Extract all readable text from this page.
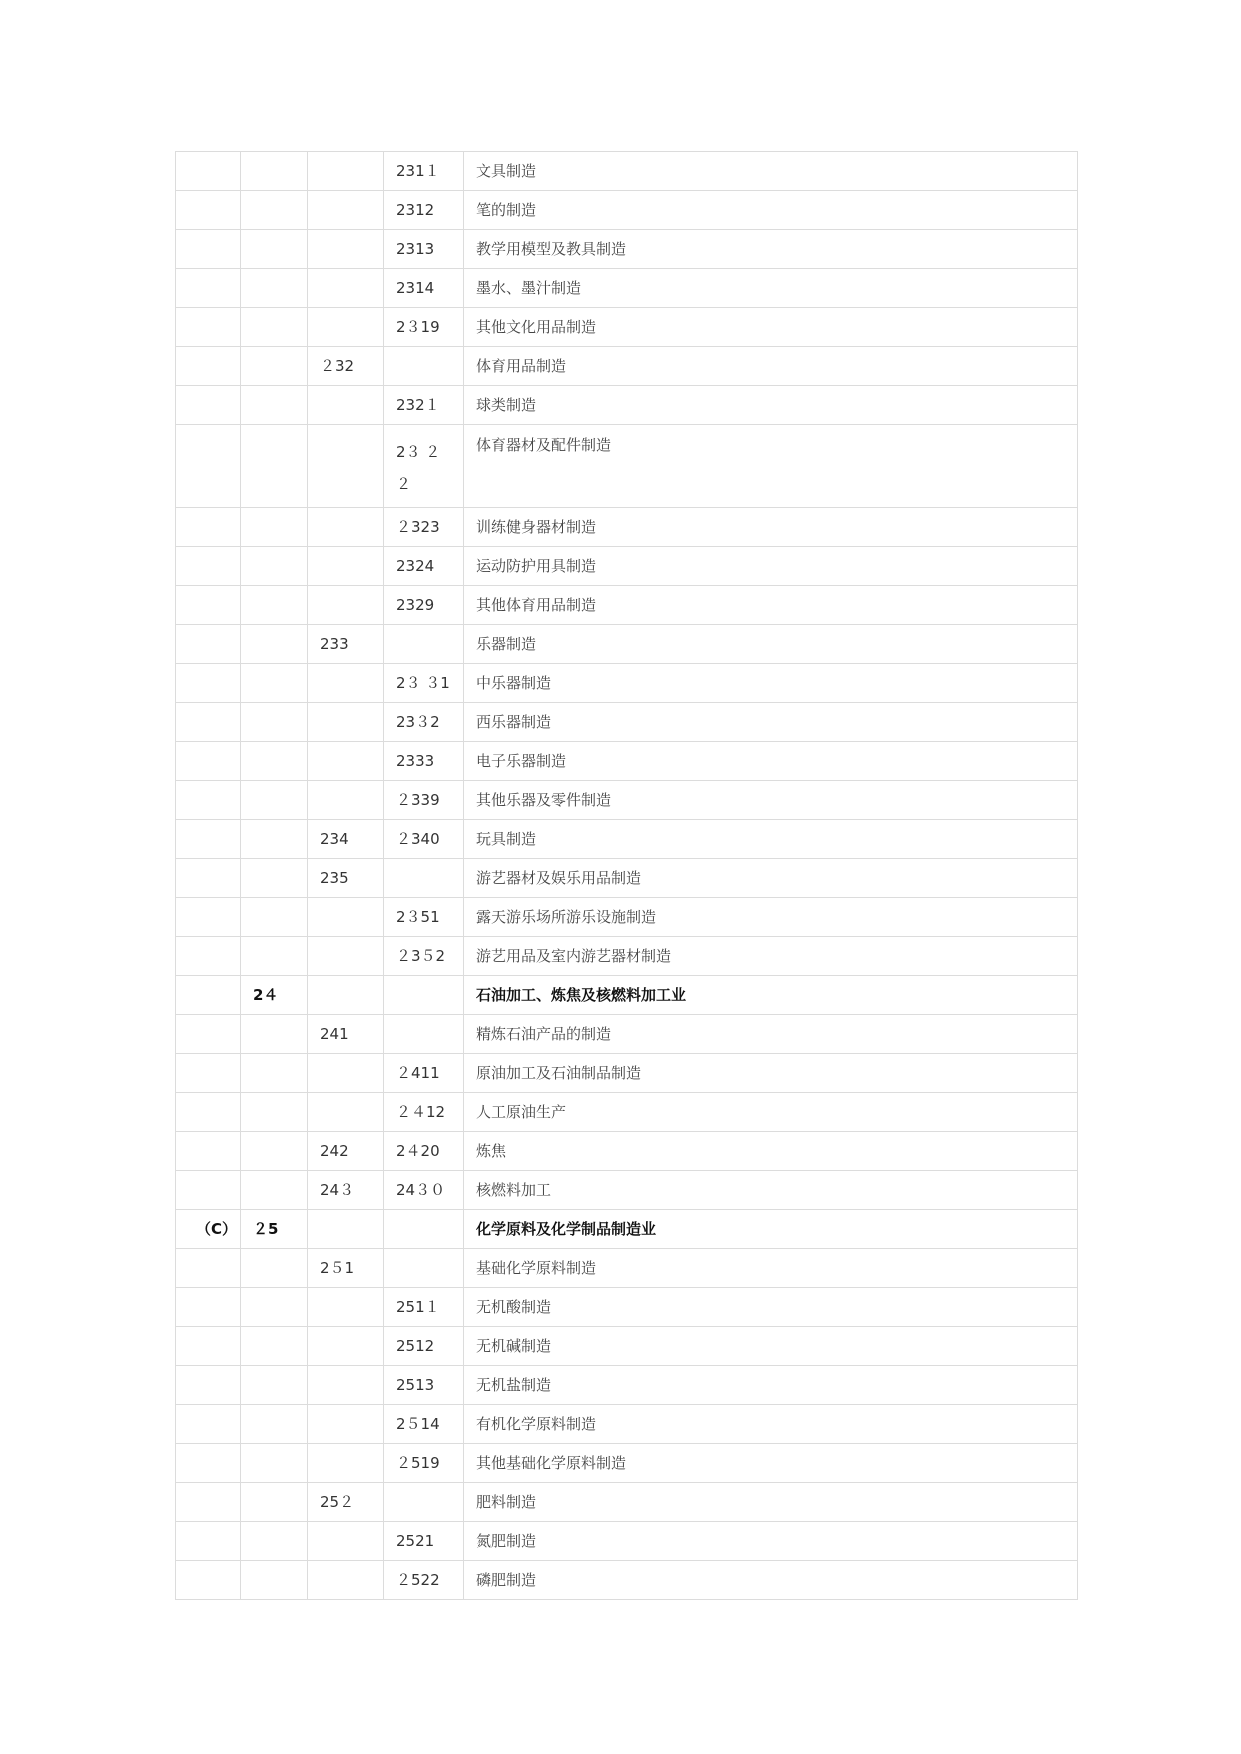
			231１	文具制造
			2312	笔的制造
			2313	教学用模型及教具制造
			2314	墨水、墨汁制造
			2３19	其他文化用品制造
		２32		体育用品制造
			232１	球类制造

			2３ ２ ２	体育器材及配件制造
			２323	训练健身器材制造
			2324	运动防护用具制造
			2329	其他体育用品制造
		233		乐器制造
			2３ ３1	中乐器制造
			23３2	西乐器制造
			2333	电子乐器制造
			２339	其他乐器及零件制造
		234	２340	玩具制造
		235		游艺器材及娱乐用品制造
			2３51	露天游乐场所游乐设施制造
			２3５2	游艺用品及室内游艺器材制造
	2４			石油加工、炼焦及核燃料加工业
		241		精炼石油产品的制造
			２411	原油加工及石油制品制造
			２４12	人工原油生产
		242	2４20	炼焦
		24３	24３０	核燃料加工
（C）	２5			化学原料及化学制品制造业
		2５1		基础化学原料制造
			251１	无机酸制造
			2512	无机碱制造
			2513	无机盐制造
			2５14	有机化学原料制造
			２519	其他基础化学原料制造
		25２		肥料制造
			2521	氮肥制造
			２522	磷肥制造
